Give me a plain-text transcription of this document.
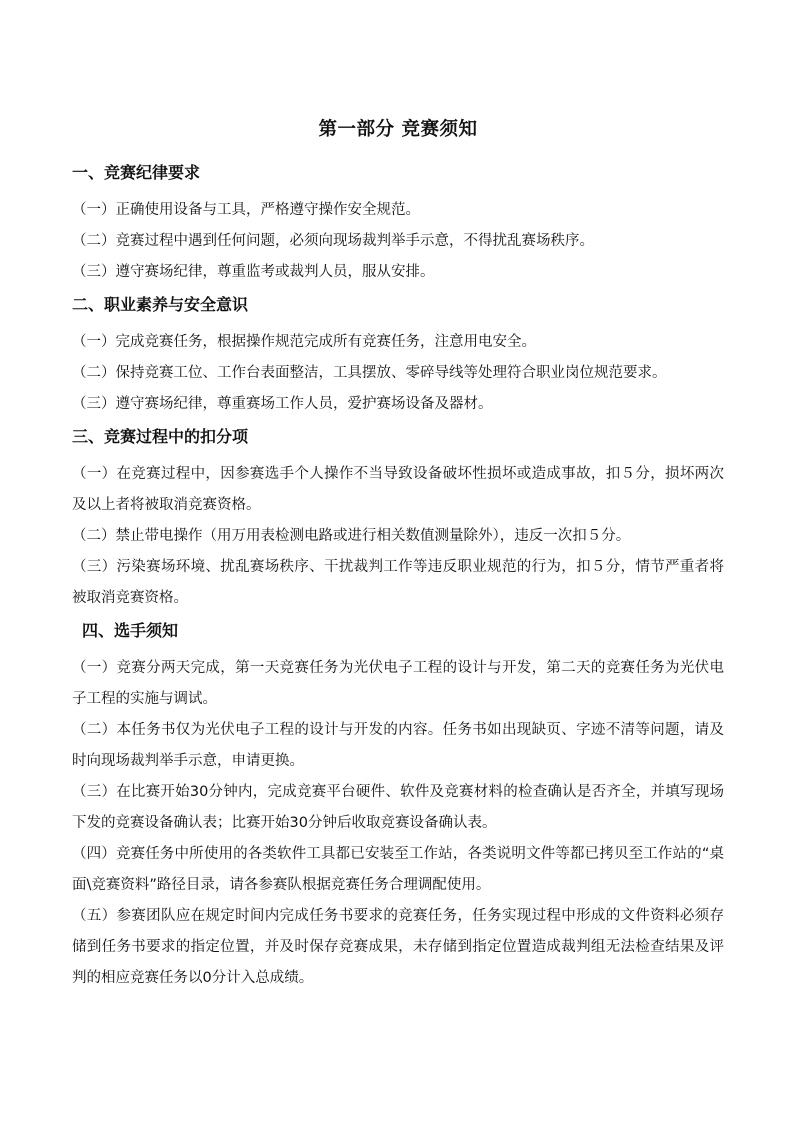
第一部分 竞赛须知
一、竞赛纪律要求

（一）正确使用设备与工具，严格遵守操作安全规范。

（二）竞赛过程中遇到任何问题，必须向现场裁判举手示意，不得扰乱赛场秩序。

（三）遵守赛场纪律，尊重监考或裁判人员，服从安排。

二、职业素养与安全意识

（一）完成竞赛任务，根据操作规范完成所有竞赛任务，注意用电安全。

（二）保持竞赛工位、工作台表面整洁，工具摆放、零碎导线等处理符合职业岗位规范要求。

（三）遵守赛场纪律，尊重赛场工作人员，爱护赛场设备及器材。

三、竞赛过程中的扣分项

（一）在竞赛过程中，因参赛选手个人操作不当导致设备破坏性损坏或造成事故，扣５分，损坏两次及以上者将被取消竞赛资格。

（二）禁止带电操作（用万用表检测电路或进行相关数值测量除外），违反一次扣５分。

（三）污染赛场环境、扰乱赛场秩序、干扰裁判工作等违反职业规范的行为，扣５分，情节严重者将被取消竞赛资格。

四、选手须知

（一）竞赛分两天完成，第一天竞赛任务为光伏电子工程的设计与开发，第二天的竞赛任务为光伏电子工程的实施与调试。

（二）本任务书仅为光伏电子工程的设计与开发的内容。任务书如出现缺页、字迹不清等问题，请及时向现场裁判举手示意，申请更换。

（三）在比赛开始30分钟内，完成竞赛平台硬件、软件及竞赛材料的检查确认是否齐全，并填写现场下发的竞赛设备确认表；比赛开始30分钟后收取竞赛设备确认表。

（四）竞赛任务中所使用的各类软件工具都已安装至工作站，各类说明文件等都已拷贝至工作站的“桌面\竞赛资料”路径目录，请各参赛队根据竞赛任务合理调配使用。

（五）参赛团队应在规定时间内完成任务书要求的竞赛任务，任务实现过程中形成的文件资料必须存储到任务书要求的指定位置，并及时保存竞赛成果，未存储到指定位置造成裁判组无法检查结果及评判的相应竞赛任务以0分计入总成绩。
